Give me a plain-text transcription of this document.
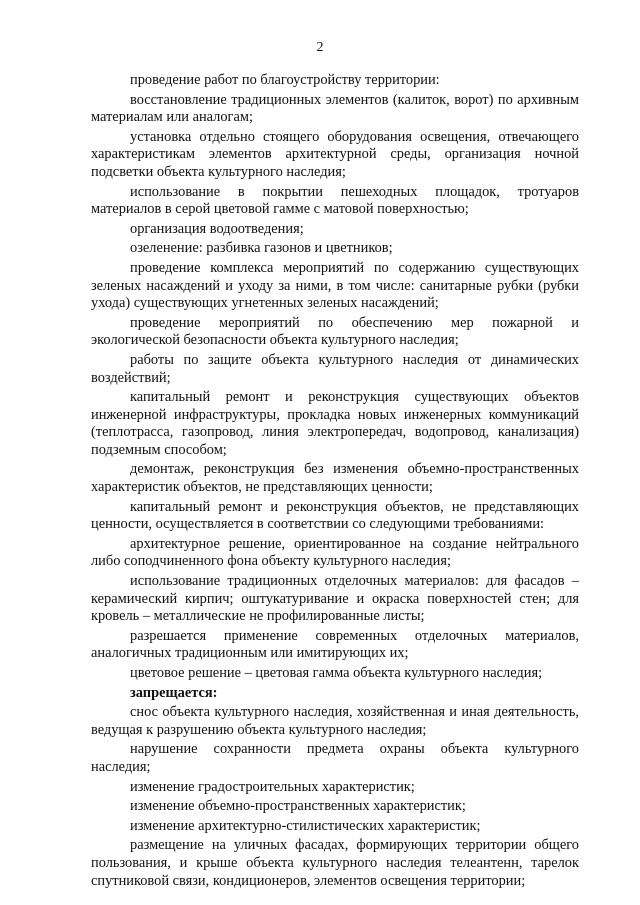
2

проведение работ по благоустройству территории:

восстановление традиционных элементов (калиток, ворот) по архивным материалам или аналогам;

установка отдельно стоящего оборудования освещения, отвечающего характеристикам элементов архитектурной среды, организация ночной подсветки объекта культурного наследия;

использование в покрытии пешеходных площадок, тротуаров материалов в серой цветовой гамме с матовой поверхностью;

организация водоотведения;

озеленение: разбивка газонов и цветников;

проведение комплекса мероприятий по содержанию существующих зеленых насаждений и уходу за ними, в том числе: санитарные рубки (рубки ухода) существующих угнетенных зеленых насаждений;

проведение мероприятий по обеспечению мер пожарной и экологической безопасности объекта культурного наследия;

работы по защите объекта культурного наследия от динамических воздействий;

капитальный ремонт и реконструкция существующих объектов инженерной инфраструктуры, прокладка новых инженерных коммуникаций (теплотрасса, газопровод, линия электропередач, водопровод, канализация) подземным способом;

демонтаж, реконструкция без изменения объемно-пространственных характеристик объектов, не представляющих ценности;

капитальный ремонт и реконструкция объектов, не представляющих ценности, осуществляется в соответствии со следующими требованиями:

архитектурное решение, ориентированное на создание нейтрального либо соподчиненного фона объекту культурного наследия;

использование традиционных отделочных материалов: для фасадов – керамический кирпич; оштукатуривание и окраска поверхностей стен; для кровель – металлические не профилированные листы;

разрешается применение современных отделочных материалов, аналогичных традиционным или имитирующих их;

цветовое решение – цветовая гамма объекта культурного наследия;

запрещается:

снос объекта культурного наследия, хозяйственная и иная деятельность, ведущая к разрушению объекта культурного наследия;

нарушение сохранности предмета охраны объекта культурного наследия;

изменение градостроительных характеристик;

изменение объемно-пространственных характеристик;

изменение архитектурно-стилистических характеристик;

размещение на уличных фасадах, формирующих территории общего пользования, и крыше объекта культурного наследия телеантенн, тарелок спутниковой связи, кондиционеров, элементов освещения территории;
